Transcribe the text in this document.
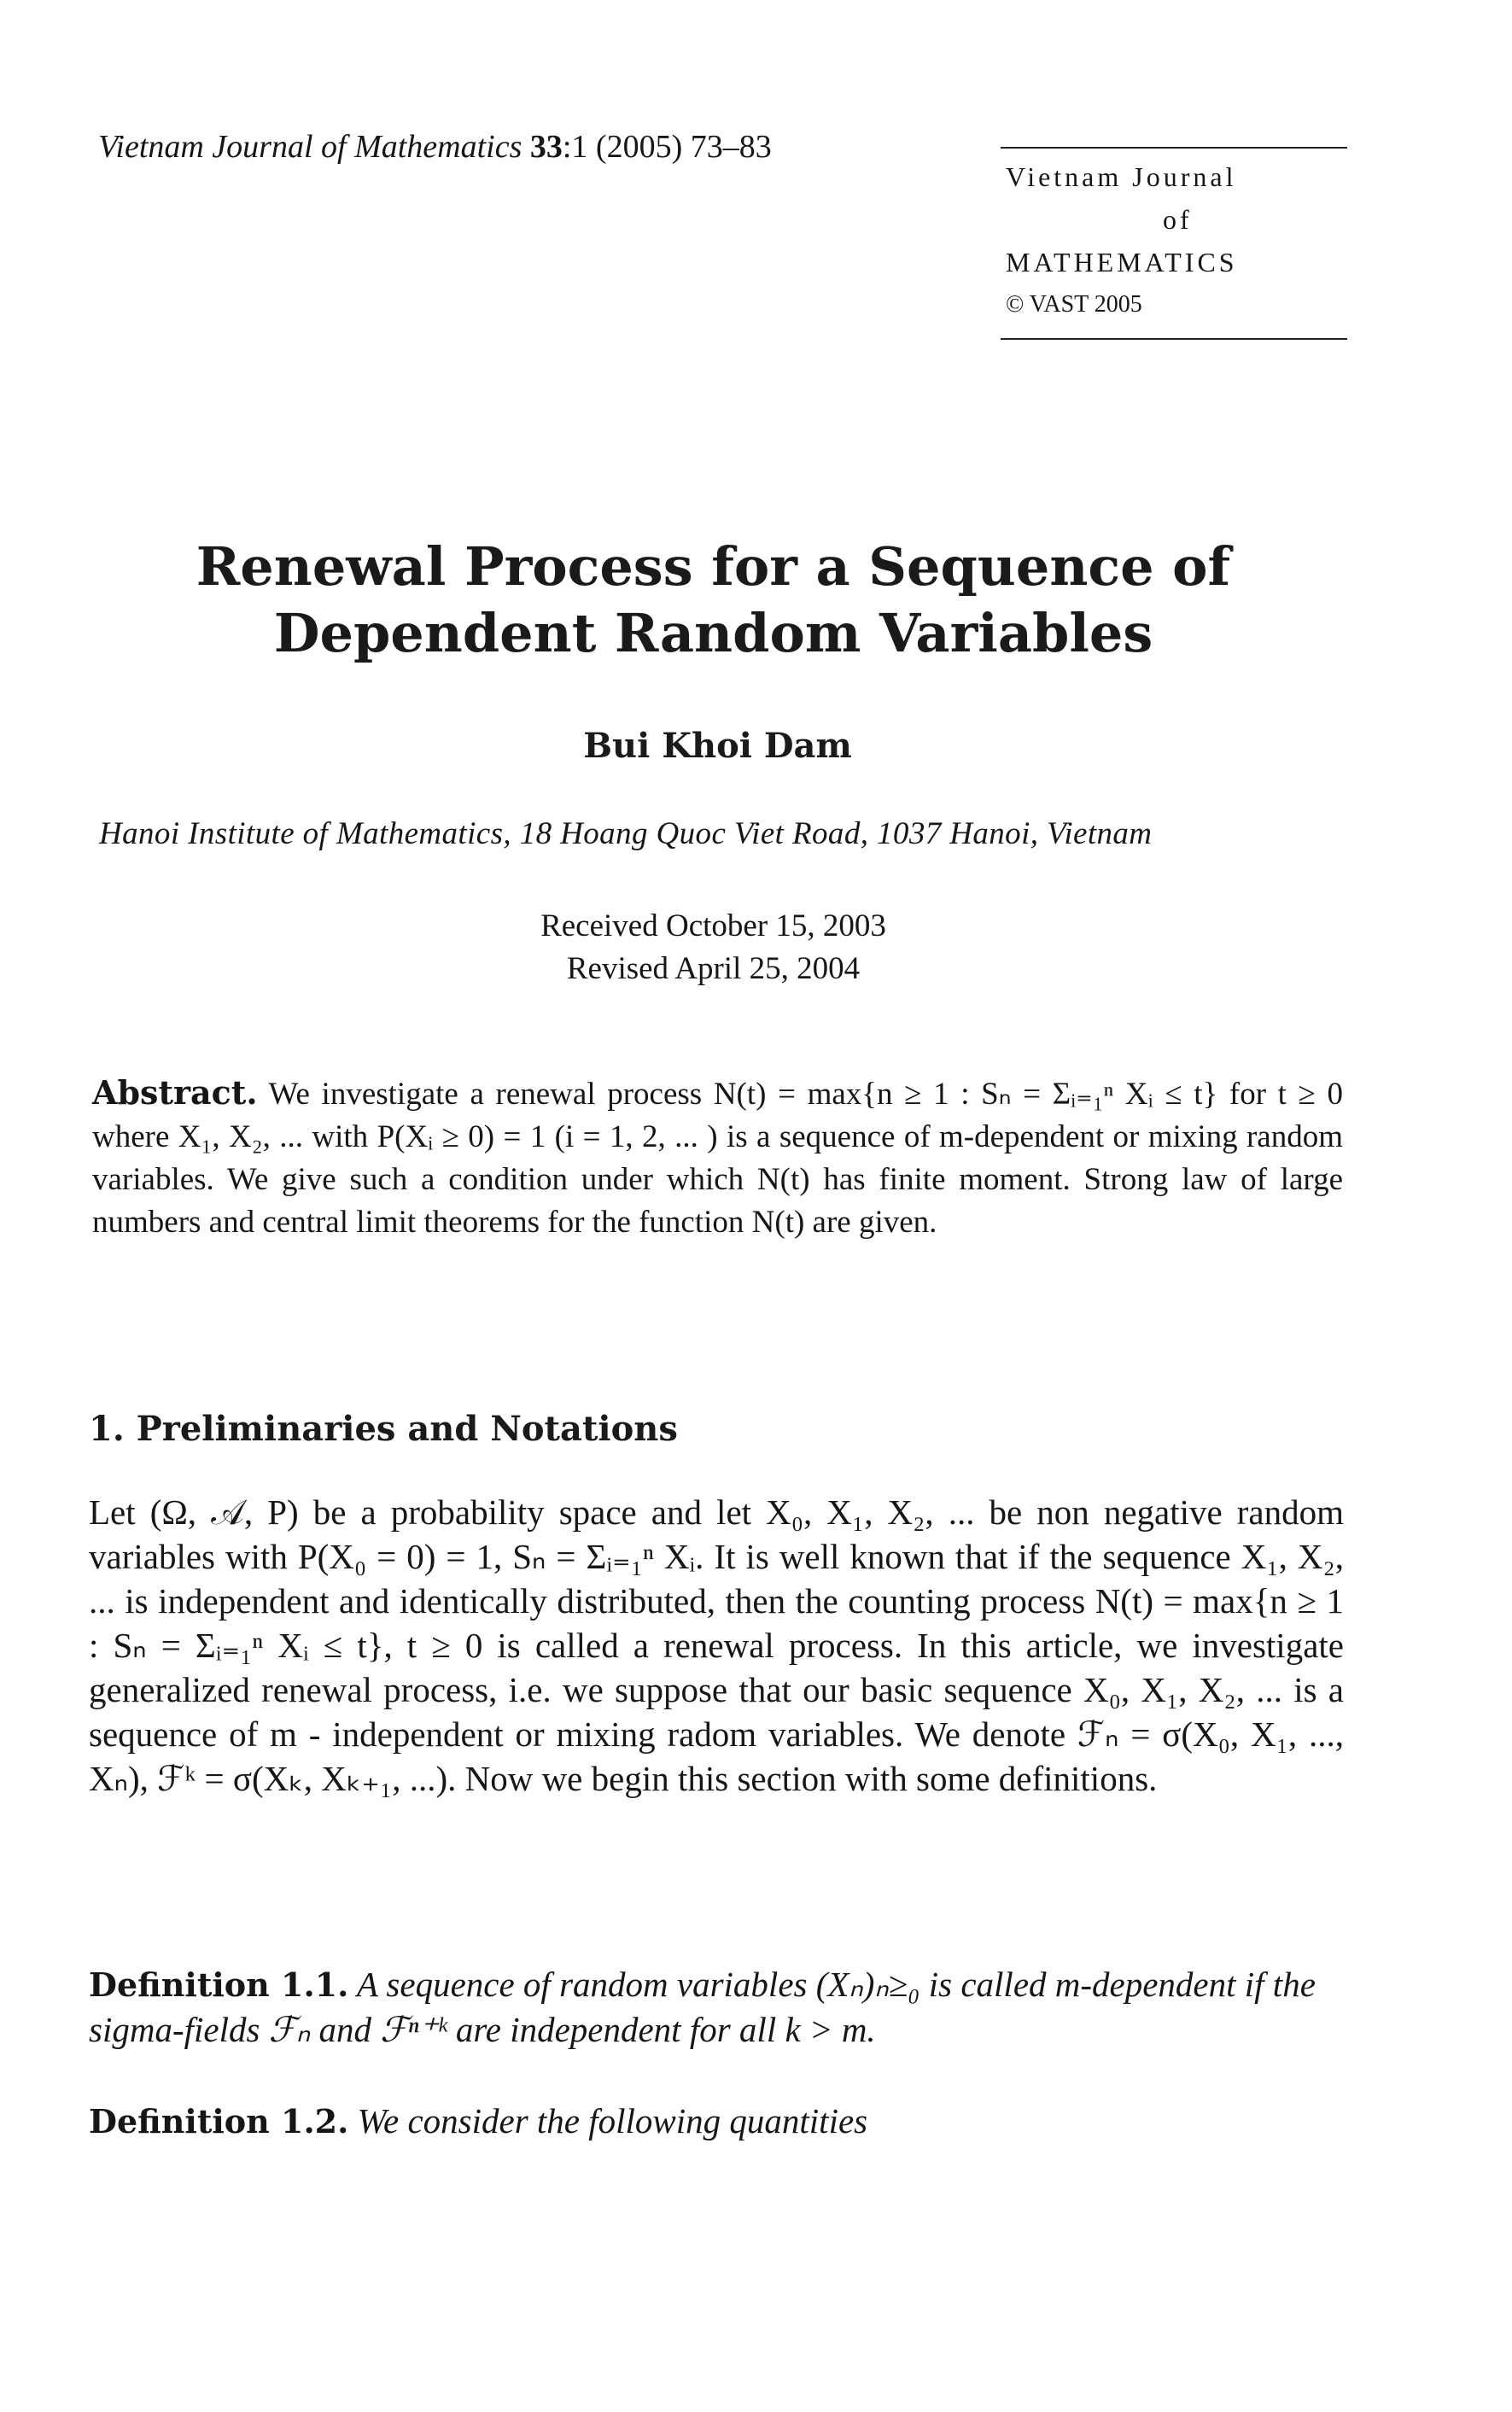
Vietnam Journal of Mathematics 33:1 (2005) 73–83
Vietnam Journal
of
MATHEMATICS
© VAST 2005
Renewal Process for a Sequence of
Dependent Random Variables
Bui Khoi Dam
Hanoi Institute of Mathematics, 18 Hoang Quoc Viet Road, 1037 Hanoi, Vietnam
Received October 15, 2003
Revised April 25, 2004
Abstract. We investigate a renewal process N(t) = max{n ≥ 1 : Sₙ = Σᵢ₌₁ⁿ Xᵢ ≤ t} for t ≥ 0 where X₁, X₂, ... with P(Xᵢ ≥ 0) = 1 (i = 1, 2, ... ) is a sequence of m-dependent or mixing random variables. We give such a condition under which N(t) has finite moment. Strong law of large numbers and central limit theorems for the function N(t) are given.
1. Preliminaries and Notations
Let (Ω, 𝒜, P) be a probability space and let X₀, X₁, X₂, ... be non negative random variables with P(X₀ = 0) = 1, Sₙ = Σᵢ₌₁ⁿ Xᵢ. It is well known that if the sequence X₁, X₂, ... is independent and identically distributed, then the counting process N(t) = max{n ≥ 1 : Sₙ = Σᵢ₌₁ⁿ Xᵢ ≤ t}, t ≥ 0 is called a renewal process. In this article, we investigate generalized renewal process, i.e. we suppose that our basic sequence X₀, X₁, X₂, ... is a sequence of m - independent or mixing radom variables. We denote ℱₙ = σ(X₀, X₁, ..., Xₙ), ℱᵏ = σ(Xₖ, Xₖ₊₁, ...). Now we begin this section with some definitions.
Definition 1.1. A sequence of random variables (Xₙ)ₙ≥₀ is called m-dependent if the sigma-fields ℱₙ and ℱⁿ⁺ᵏ are independent for all k > m.
Definition 1.2. We consider the following quantities
